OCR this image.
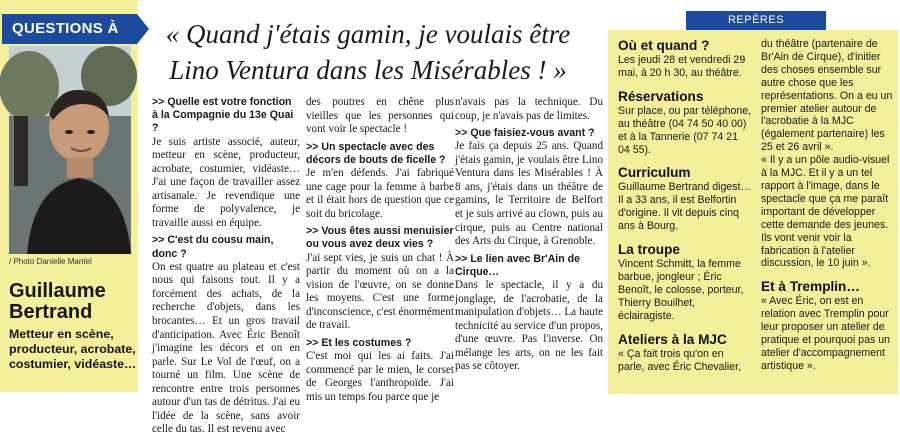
QUESTIONS À
/ Photo Danielle Mantel
Guillaume Bertrand
Metteur en scène, producteur, acrobate, costumier, vidéaste…
« Quand j'étais gamin, je voulais être Lino Ventura dans les Misérables ! »
>> Quelle est votre fonction à la Compagnie du 13e Quai ?
Je suis artiste associé, auteur, metteur en scène, producteur, acrobate, costumier, vidéaste… J'ai une façon de travailler assez artisanale. Je revendique une forme de polyvalence, je travaille aussi en équipe.
>> C'est du cousu main, donc ?
On est quatre au plateau et c'est nous qui faisons tout. Il y a forcément des achats, de la recherche d'objets, dans les brocantes… Et un gros travail d'anticipation. Avec Éric Benoît j'imagine les décors et on en parle. Sur Le Vol de l'œuf, on a tourné un film. Une scène de rencontre entre trois personnes autour d'un tas de détritus. J'ai eu l'idée de la scène, sans avoir celle du tas. Il est revenu avec
des poutres en chêne plus vieilles que les personnes qui vont voir le spectacle !
>> Un spectacle avec des décors de bouts de ficelle ?
Je m'en défends. J'ai fabriqué une cage pour la femme à barbe et il était hors de question que ce soit du bricolage.
>> Vous êtes aussi menuisier ou vous avez deux vies ?
J'ai sept vies, je suis un chat ! À partir du moment où on a la vision de l'œuvre, on se donne les moyens. C'est une forme d'inconscience, c'est énormément de travail.
>> Et les costumes ?
C'est moi qui les ai faits. J'ai commencé par le mien, le corset de Georges l'anthropoïde. J'ai mis un temps fou parce que je
n'avais pas la technique. Du coup, je n'avais pas de limites.
>> Que faisiez-vous avant ?
Je fais ça depuis 25 ans. Quand j'étais gamin, je voulais être Lino Ventura dans les Misérables ! À 8 ans, j'étais dans un théâtre de gamins, le Territoire de Belfort et je suis arrivé au clown, puis au cirque, puis au Centre national des Arts du Cirque, à Grenoble.
>> Le lien avec Br'Ain de Cirque…
Dans le spectacle, il y a du jonglage, de l'acrobatie, de la manipulation d'objets… La haute technicité au service d'un propos, d'une œuvre. Pas l'inverse. On mélange les arts, on ne les fait pas se côtoyer.
REPÈRES
Où et quand ?
Les jeudi 28 et vendredi 29 mai, à 20 h 30, au théâtre.
Réservations
Sur place, ou par téléphone, au théâtre (04 74 50 40 00) et à la Tannerie (07 74 21 04 55).
Curriculum
Guillaume Bertrand digest… Il a 33 ans, il est Belfortin d'origine. Il vit depuis cinq ans à Bourg.
La troupe
Vincent Schmitt, la femme barbue, jongleur ; Éric Benoît, le colosse, porteur, Thierry Bouilhet, éclairagiste.
Ateliers à la MJC
« Ça fait trois qu'on en parle, avec Éric Chevalier,
du théâtre (partenaire de Br'Ain de Cirque), d'initier des choses ensemble sur autre chose que les représentations. On a eu un premier atelier autour de l'acrobatie à la MJC (également partenaire) les 25 et 26 avril ».
« Il y a un pôle audio-visuel à la MJC. Et il y a un tel rapport à l'image, dans le spectacle que ça me paraît important de développer cette demande des jeunes. Ils vont venir voir la fabrication à l'atelier discussion, le 10 juin ».
Et à Tremplin…
« Avec Éric, on est en relation avec Tremplin pour leur proposer un atelier de pratique et pourquoi pas un atelier d'accompagnement artistique ».
